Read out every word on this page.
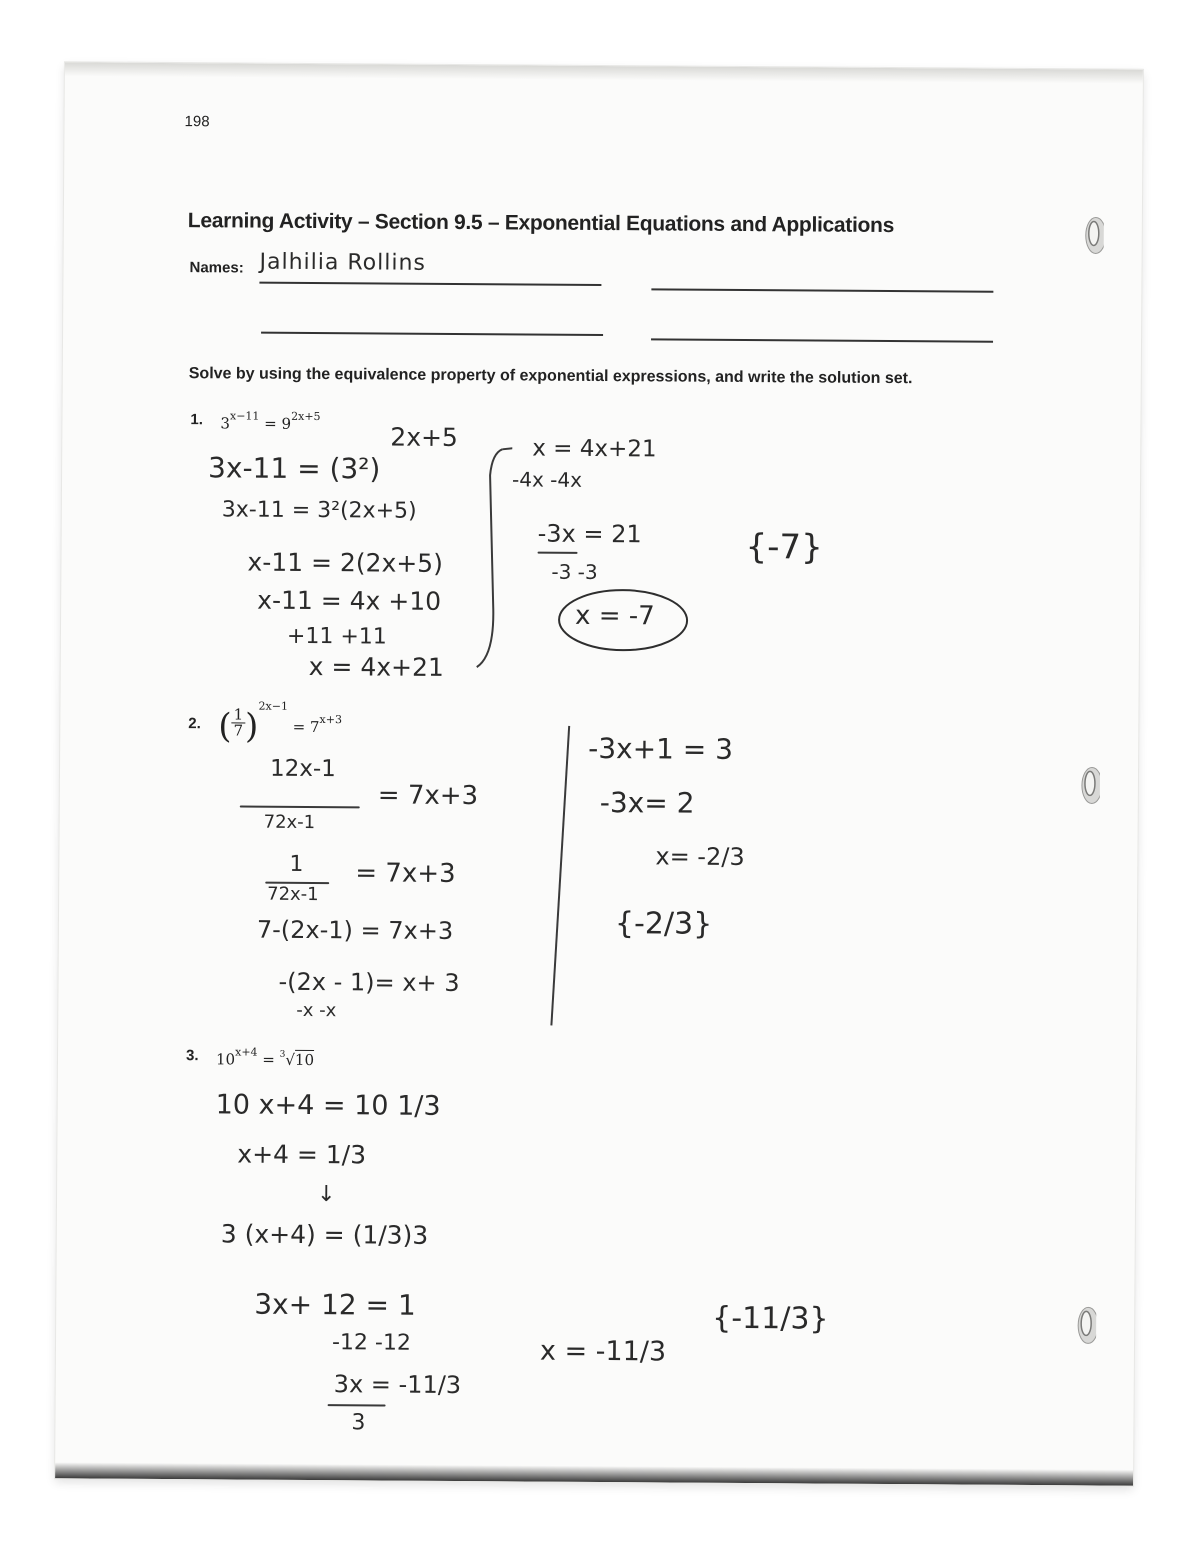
198
Learning Activity – Section 9.5 – Exponential Equations and Applications
Names: Jalhilia Rollins
Solve by using the equivalence property of exponential expressions, and write the solution set.
1. $3^{x-11} = 9^{2x+5}$
2x+5
3x-11 = (3²)
3x-11 = 3²(2x+5)
x-11 = 2(2x+5)
x-11 = 4x +10
+11 +11
x = 4x+21
x = 4x+21
-4x -4x
-3x = 21
-3 -3
x = -7
{-7}
2. $(\frac{1}{7})^{2x-1} = 7^{x+3}$
12x-1
= 7x+3
72x-1
1 = 7x+3
72x-1
7-(2x-1) = 7x+3
-(2x - 1)= x+ 3
-x -x
-3x+1 = 3
-3x= 2
x= -2/3
{-2/3}
3. $10^{x+4} = ^3√10$
10 x+4 = 10 1/3
x+4 = 1/3
↓
3 (x+4) = (1/3)3
3x+ 12 = 1
-12 -12
3x = -11/3
3
x = -11/3
{-11/3}
